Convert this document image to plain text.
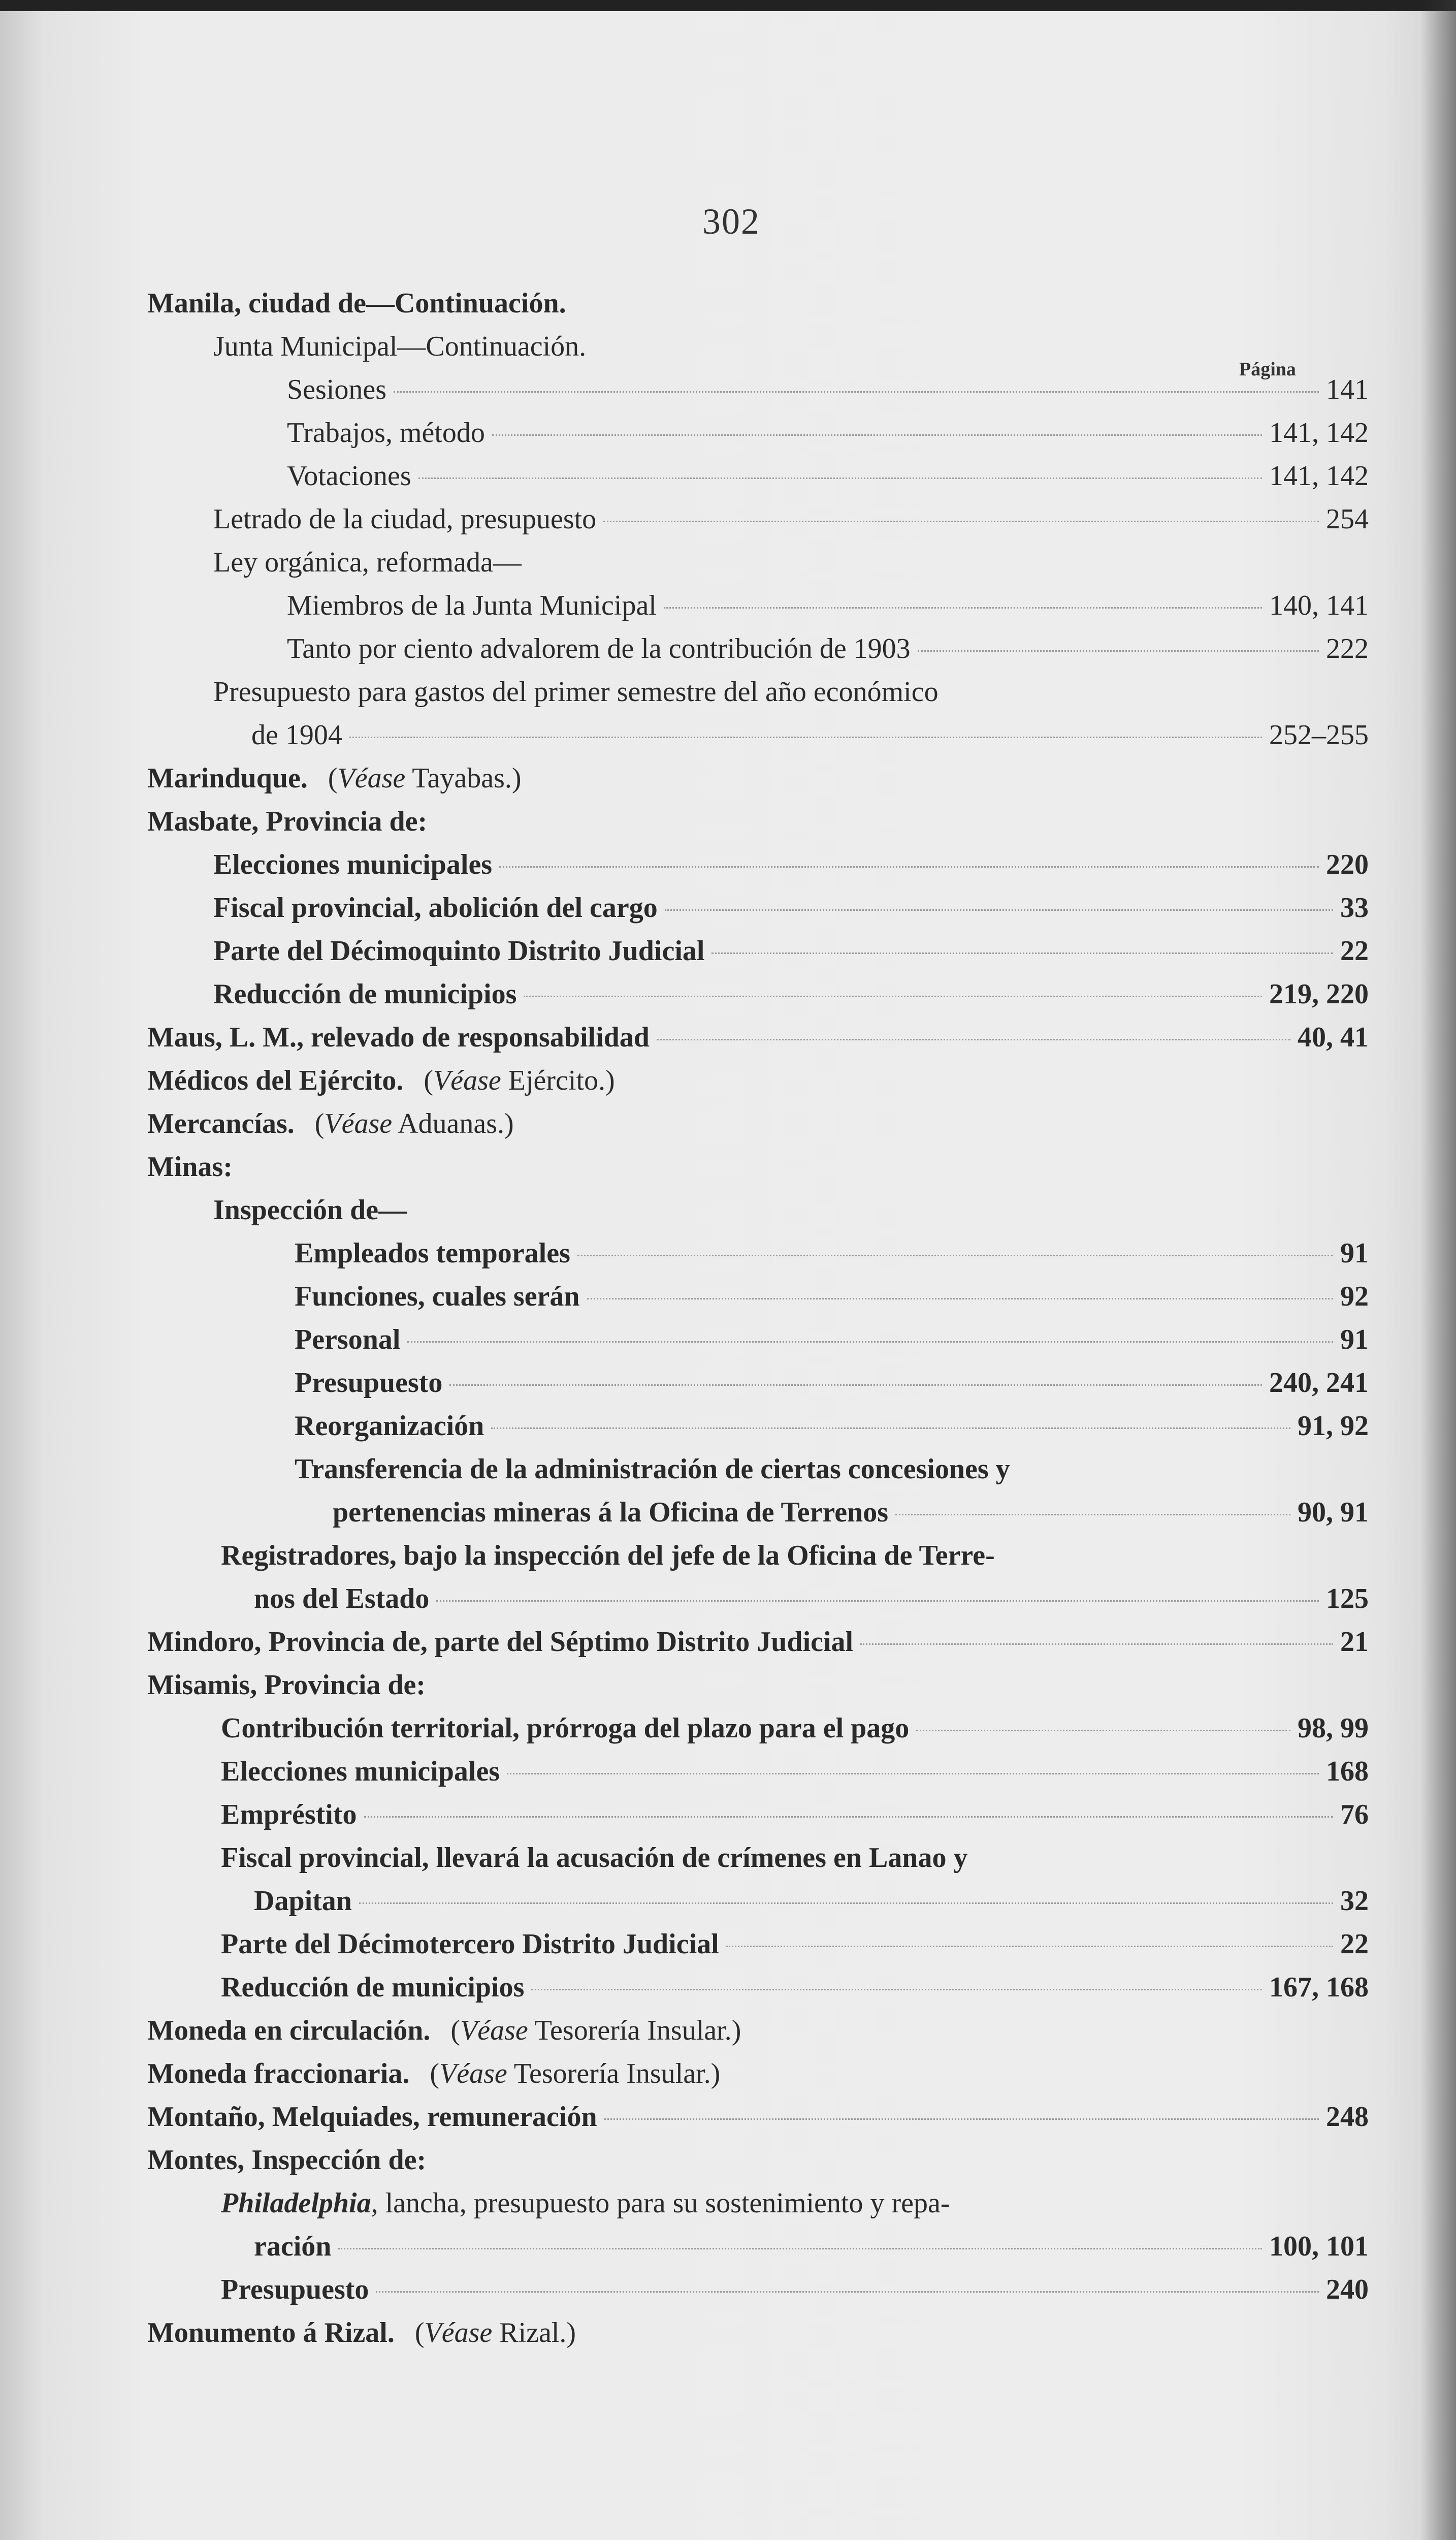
302
Página
Manila, ciudad de—Continuación.
Junta Municipal—Continuación.
Sesiones	141
Trabajos, método	141, 142
Votaciones	141, 142
Letrado de la ciudad, presupuesto	254
Ley orgánica, reformada—
Miembros de la Junta Municipal	140, 141
Tanto por ciento advalorem de la contribución de 1903	222
Presupuesto para gastos del primer semestre del año económico
de 1904	252–255
Marinduque. (Véase Tayabas.)
Masbate, Provincia de:
Elecciones municipales	220
Fiscal provincial, abolición del cargo	33
Parte del Décimoquinto Distrito Judicial	22
Reducción de municipios	219, 220
Maus, L. M., relevado de responsabilidad	40, 41
Médicos del Ejército. (Véase Ejército.)
Mercancías. (Véase Aduanas.)
Minas:
Inspección de—
Empleados temporales	91
Funciones, cuales serán	92
Personal	91
Presupuesto	240, 241
Reorganización	91, 92
Transferencia de la administración de ciertas concesiones y
pertenencias mineras á la Oficina de Terrenos	90, 91
Registradores, bajo la inspección del jefe de la Oficina de Terre-
nos del Estado	125
Mindoro, Provincia de, parte del Séptimo Distrito Judicial	21
Misamis, Provincia de:
Contribución territorial, prórroga del plazo para el pago	98, 99
Elecciones municipales	168
Empréstito	76
Fiscal provincial, llevará la acusación de crímenes en Lanao y
Dapitan	32
Parte del Décimotercero Distrito Judicial	22
Reducción de municipios	167, 168
Moneda en circulación. (Véase Tesorería Insular.)
Moneda fraccionaria. (Véase Tesorería Insular.)
Montaño, Melquiades, remuneración	248
Montes, Inspección de:
Philadelphia , lancha, presupuesto para su sostenimiento y repa-
ración	100, 101
Presupuesto	240
Monumento á Rizal. (Véase Rizal.)
